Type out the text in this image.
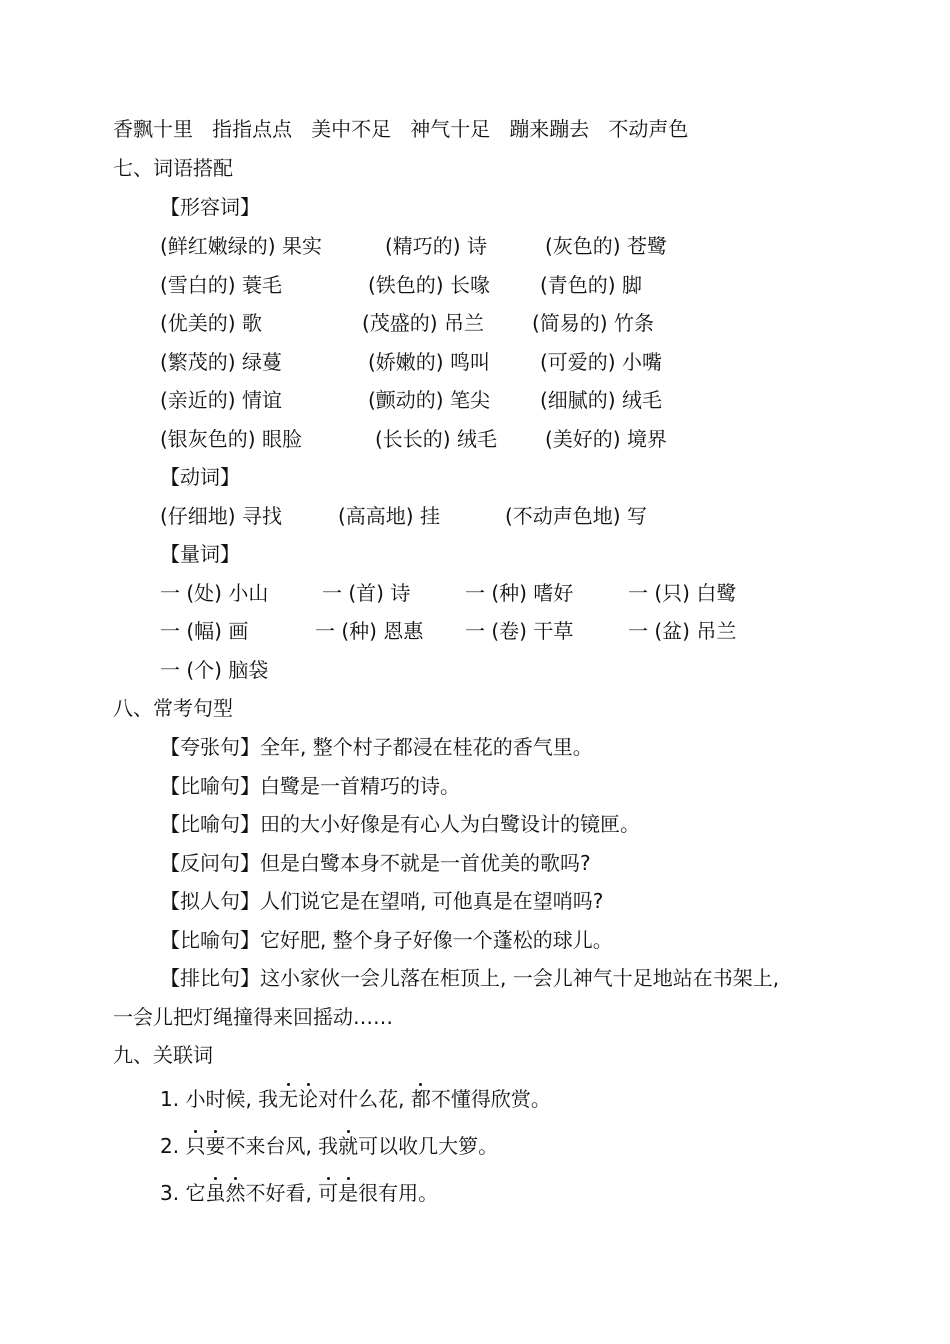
香飘十里 指指点点 美中不足 神气十足 蹦来蹦去 不动声色
七、词语搭配
【形容词】
(鲜红嫩绿的) 果实	(精巧的) 诗	(灰色的) 苍鹭
(雪白的) 蓑毛	(铁色的) 长喙	(青色的) 脚
(优美的) 歌	(茂盛的) 吊兰 (简易的) 竹条
(繁茂的) 绿蔓	(娇嫩的) 鸣叫	(可爱的) 小嘴
(亲近的) 情谊	(颤动的) 笔尖	(细腻的) 绒毛
(银灰色的) 眼脸	(长长的) 绒毛 (美好的) 境界
【动词】
(仔细地) 寻找	(高高地) 挂	(不动声色地) 写
【量词】
一 (处) 小山	一 (首) 诗	一 (种) 嗜好	一 (只) 白鹭
一 (幅) 画	一 (种) 恩惠 一 (卷) 干草	一 (盆) 吊兰
一 (个) 脑袋
八、常考句型
【夸张句】全年, 整个村子都浸在桂花的香气里。
【比喻句】白鹭是一首精巧的诗。
【比喻句】田的大小好像是有心人为白鹭设计的镜匣。
【反问句】但是白鹭本身不就是一首优美的歌吗?
【拟人句】人们说它是在望哨, 可他真是在望哨吗?
【比喻句】它好肥, 整个身子好像一个蓬松的球儿。
【排比句】这小家伙一会儿落在柜顶上, 一会儿神气十足地站在书架上,
一会儿把灯绳撞得来回摇动……
九、关联词
1. 小时候, 我无论对什么花, 都不懂得欣赏。
2. 只要不来台风, 我就可以收几大箩。
3. 它虽然不好看, 可是很有用。
